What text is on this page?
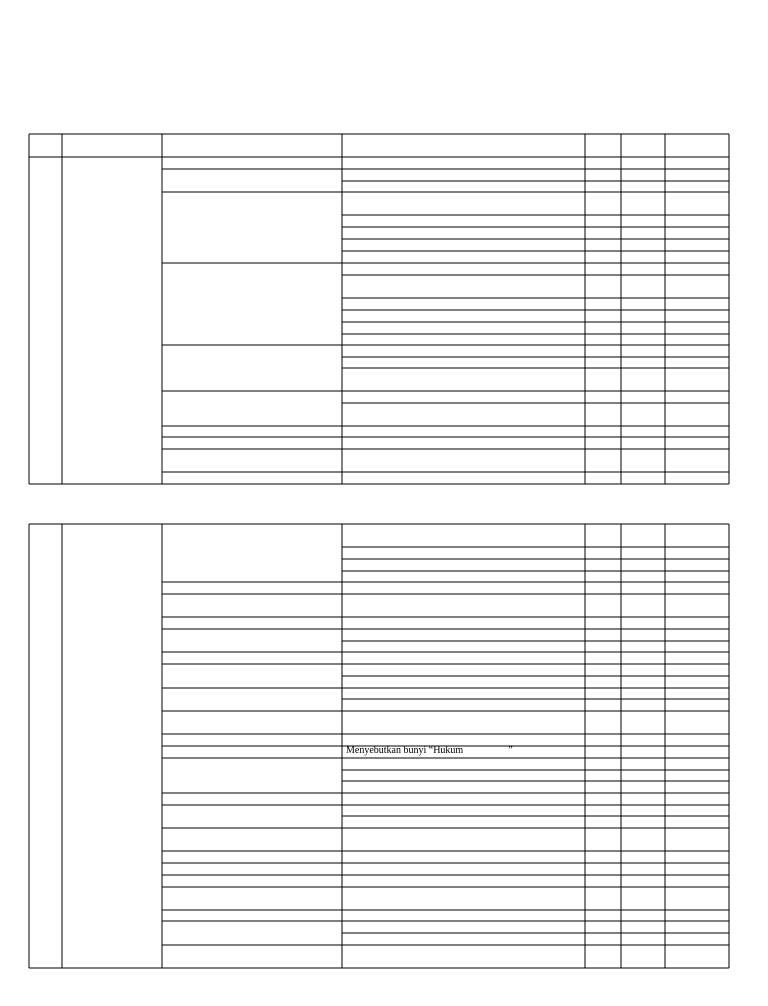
Menyebutkan bunyi “Hukum                  ”
